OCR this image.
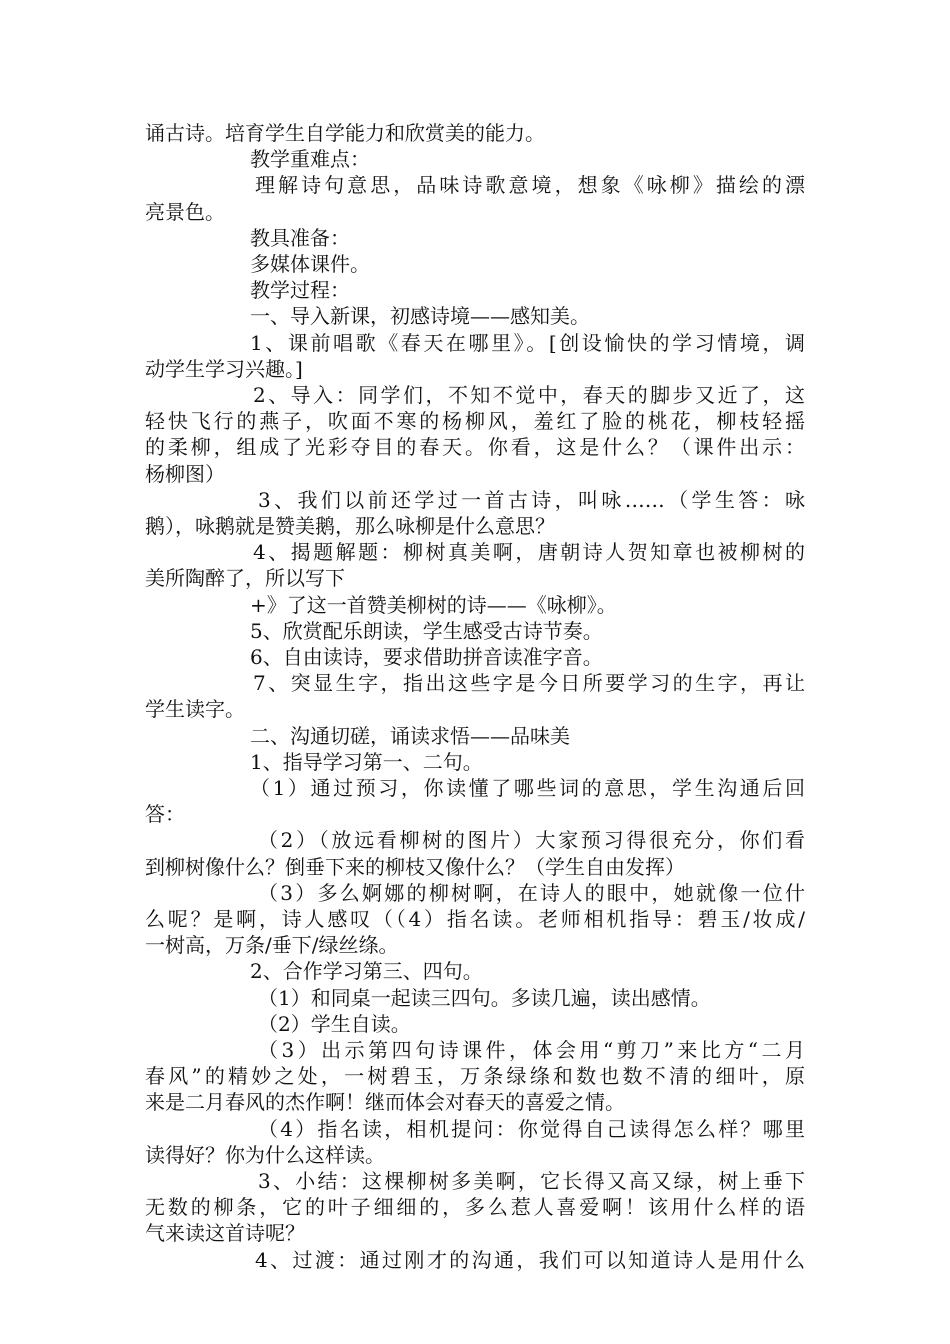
诵古诗。培育学生自学能力和欣赏美的能力。
教学重难点：
理解诗句意思，品味诗歌意境，想象《咏柳》描绘的漂
亮景色。
教具准备：
多媒体课件。
教学过程：
一、导入新课，初感诗境——感知美。
1、课前唱歌《春天在哪里》。[创设愉快的学习情境，调
动学生学习兴趣。]
2、导入：同学们，不知不觉中，春天的脚步又近了，这
轻快飞行的燕子，吹面不寒的杨柳风，羞红了脸的桃花，柳枝轻摇
的柔柳，组成了光彩夺目的春天。你看，这是什么？（课件出示：
杨柳图）
3、我们以前还学过一首古诗，叫咏……（学生答：咏
鹅），咏鹅就是赞美鹅，那么咏柳是什么意思？
4、揭题解题：柳树真美啊，唐朝诗人贺知章也被柳树的
美所陶醉了，所以写下
+》了这一首赞美柳树的诗——《咏柳》。
5、欣赏配乐朗读，学生感受古诗节奏。
6、自由读诗，要求借助拼音读准字音。
7、突显生字，指出这些字是今日所要学习的生字，再让
学生读字。
二、沟通切磋，诵读求悟——品味美
1、指导学习第一、二句。
（1）通过预习，你读懂了哪些词的意思，学生沟通后回
答：
（2）（放远看柳树的图片）大家预习得很充分，你们看
到柳树像什么？倒垂下来的柳枝又像什么？（学生自由发挥）
（3）多么婀娜的柳树啊，在诗人的眼中，她就像一位什
么呢？是啊，诗人感叹（（4）指名读。老师相机指导：碧玉/妆成/
一树高，万条/垂下/绿丝绦。
2、合作学习第三、四句。
（1）和同桌一起读三四句。多读几遍，读出感情。
（2）学生自读。
（3）出示第四句诗课件，体会用“剪刀”来比方“二月
春风”的精妙之处，一树碧玉，万条绿绦和数也数不清的细叶，原
来是二月春风的杰作啊！继而体会对春天的喜爱之情。
（4）指名读，相机提问：你觉得自己读得怎么样？哪里
读得好？你为什么这样读。
3、小结：这棵柳树多美啊，它长得又高又绿，树上垂下
无数的柳条，它的叶子细细的，多么惹人喜爱啊！该用什么样的语
气来读这首诗呢？
4、过渡：通过刚才的沟通，我们可以知道诗人是用什么
